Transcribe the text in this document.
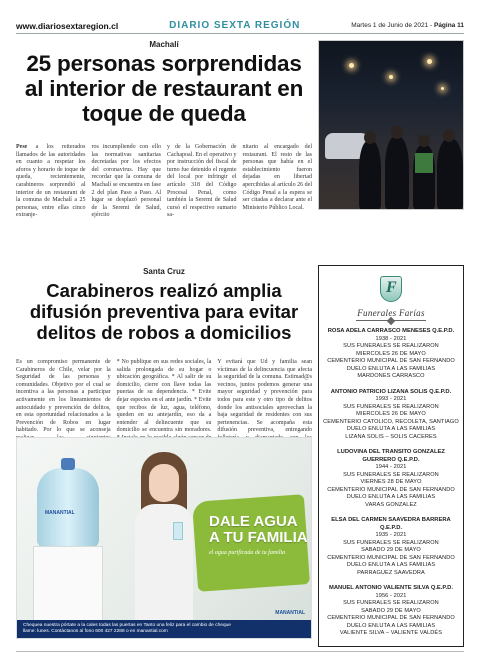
www.diariosextaregion.cl	DIARIO SEXTA REGIÓN	Martes 1 de Junio de 2021 - Página 11
Machalí
25 personas sorprendidas al interior de restaurant en toque de queda

Pese a los reiterados llamados de las autoridades en cuanto a respetar los aforos y horario de toque de queda, recientemente, carabineros sorprendió al interior de un restaurant de la comuna de Machalí a 25 personas, entre ellas cinco extranje-

ros incumpliendo con ello las normativas sanitarias decretadas por los efectos del coronavirus. Hay que recordar que la comuna de Machalí se encuentra en fase 2 del plan Paso a Paso. Al lugar se desplazó personal de la Seremi de Salud, ejército

y de la Gobernación de Cachapoal. En el operativo y por instrucción del fiscal de turno fue detenido el regente del local por infringir el artículo 318 del Código Procesal Penal, como también la Seremi de Salud cursó el respectivo sumario sa-

nitario al encargado del restaurant. El resto de las personas que había en el establecimiento fueron dejadas en libertad apercibidas al artículo 26 del Código Penal a la espera se ser citadas a declarar ante el Ministerio Público Local.

Santa Cruz
Carabineros realizó amplia difusión preventiva para evitar delitos de robos a domicilios

Es un compromiso permanente de Carabineros de Chile, velar por la Seguridad de las personas y comunidades. Objetivo por el cual se incentiva a las personas a participar activamente en los lineamientos de autocuidado y prevención de delitos, en esta oportunidad relacionados a la Prevención de Robos en lugar habitado. Por lo que se aconseja

* No publique en sus redes sociales, la salida prolongada de su hogar o ubicación geográfica. * Al salir de su domicilio, cierre con llave todas las puertas de su dependencia. * Evite dejar especies en el ante jardín. * Evite que recibos de luz, agua, teléfono, queden en su antejardín, eso da a entender al delincuente que su domicilio se encuentra sin moradores.

Y evitará que Ud y familia sean víctimas de la delincuencia que afecta la seguridad de la comuna. Estimad@s vecinos, juntos podemos generar una mayor seguridad y prevención para todos para este y otro tipo de delitos donde los antisociales aprovechan la baja seguridad de residentes con sus pertenencias. Se acompaña esta difusión preventiva, entregando

MANANTIAL	DALE AGUA
A TU FAMILIA
el agua purificada de tu familia
MANANTIAL
Chequea nuestra pórtate a la cales todas las puertas en Tanto una feliz para el cambio de cheque
llame: lunes. Contáctanos al fono 600 427 2288 o en manantial.com
F
Funerales Farías
ROSA ADELA CARRASCO MENESES Q.E.P.D.
1938 - 2021
SUS FUNERALES SE REALIZARON
MIERCOLES 26 DE MAYO
CEMENTERIO MUNICIPAL DE SAN FERNANDO
DUELO ENLUTA A LAS FAMILIAS
MARDONES CARRASCO
ANTONIO PATRICIO LIZANA SOLIS Q.E.P.D.
1993 - 2021
SUS FUNERALES SE REALIZARON
MIERCOLES 26 DE MAYO
CEMENTERIO CATOLICO, RECOLETA, SANTIAGO
DUELO ENLUTA A LAS FAMILIAS
LIZANA SOLIS – SOLIS CACERES
LUDOVINA DEL TRANSITO GONZALEZ GUERRERO Q.E.P.D.
1944 - 2021
SUS FUNERALES SE REALIZARON
VIERNES 28 DE MAYO
CEMENTERIO MUNICIPAL DE SAN FERNANDO
DUELO ENLUTA A LAS FAMILIAS
VARAS GONZALEZ
ELSA DEL CARMEN SAAVEDRA BARRERA Q.E.P.D.
1935 - 2021
SUS FUNERALES SE REALIZARON
SABADO 29 DE MAYO
CEMENTERIO MUNICIPAL DE SAN FERNANDO
DUELO ENLUTA A LAS FAMILIAS
PARRAGUEZ SAAVEDRA
MANUEL ANTONIO VALIENTE SILVA Q.E.P.D.
1956 - 2021
SUS FUNERALES SE REALIZARON
SABADO 29 DE MAYO
CEMENTERIO MUNICIPAL DE SAN FERNANDO
DUELO ENLUTA A LAS FAMILIAS
VALIENTE SILVA – VALIENTE VALDÉS
